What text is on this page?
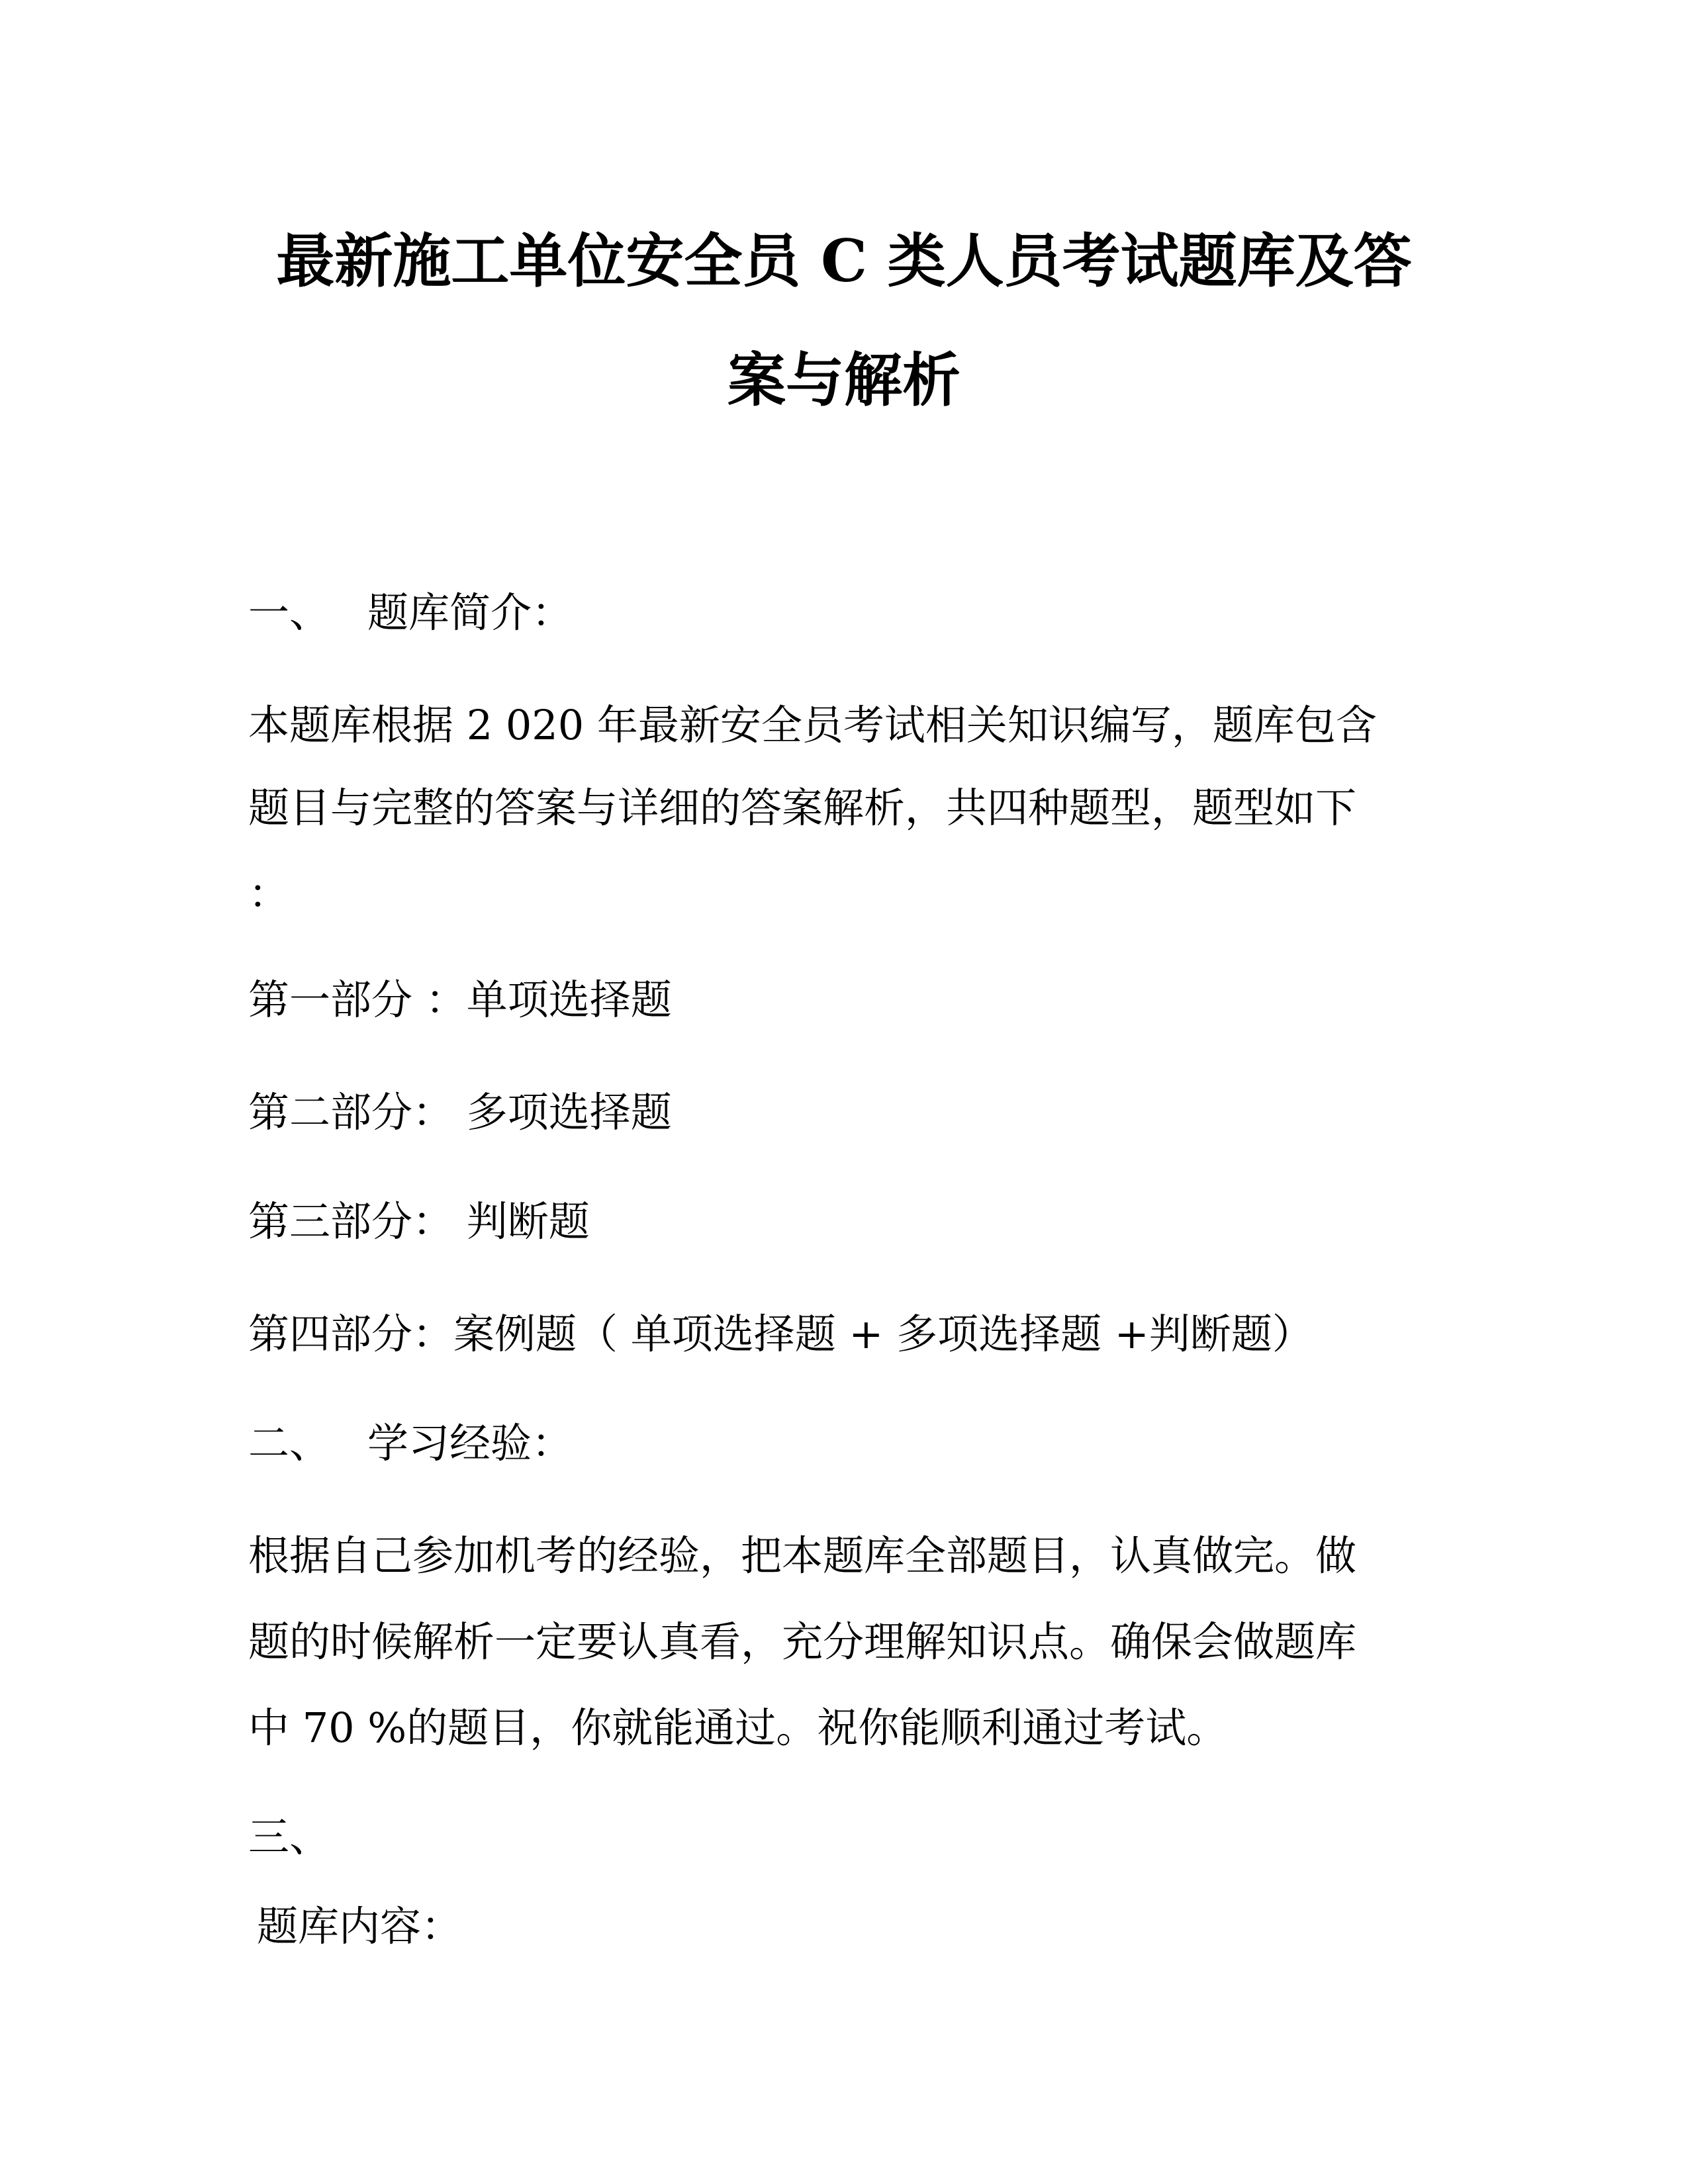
最新施工单位安全员 C 类人员考试题库及答
案与解析
一、 题库简介：
本题库根据 2 020 年最新安全员考试相关知识编写，题库包含
题目与完整的答案与详细的答案解析，共四种题型，题型如下
：
第一部分 ：单项选择题
第二部分： 多项选择题
第三部分： 判断题
第四部分：案例题（ 单项选择题 + 多项选择题 +判断题）
二、 学习经验：
根据自己参加机考的经验，把本题库全部题目，认真做完。做
题的时候解析一定要认真看，充分理解知识点。确保会做题库
中 70 %的题目，你就能通过。祝你能顺利通过考试。
三、
题库内容：
